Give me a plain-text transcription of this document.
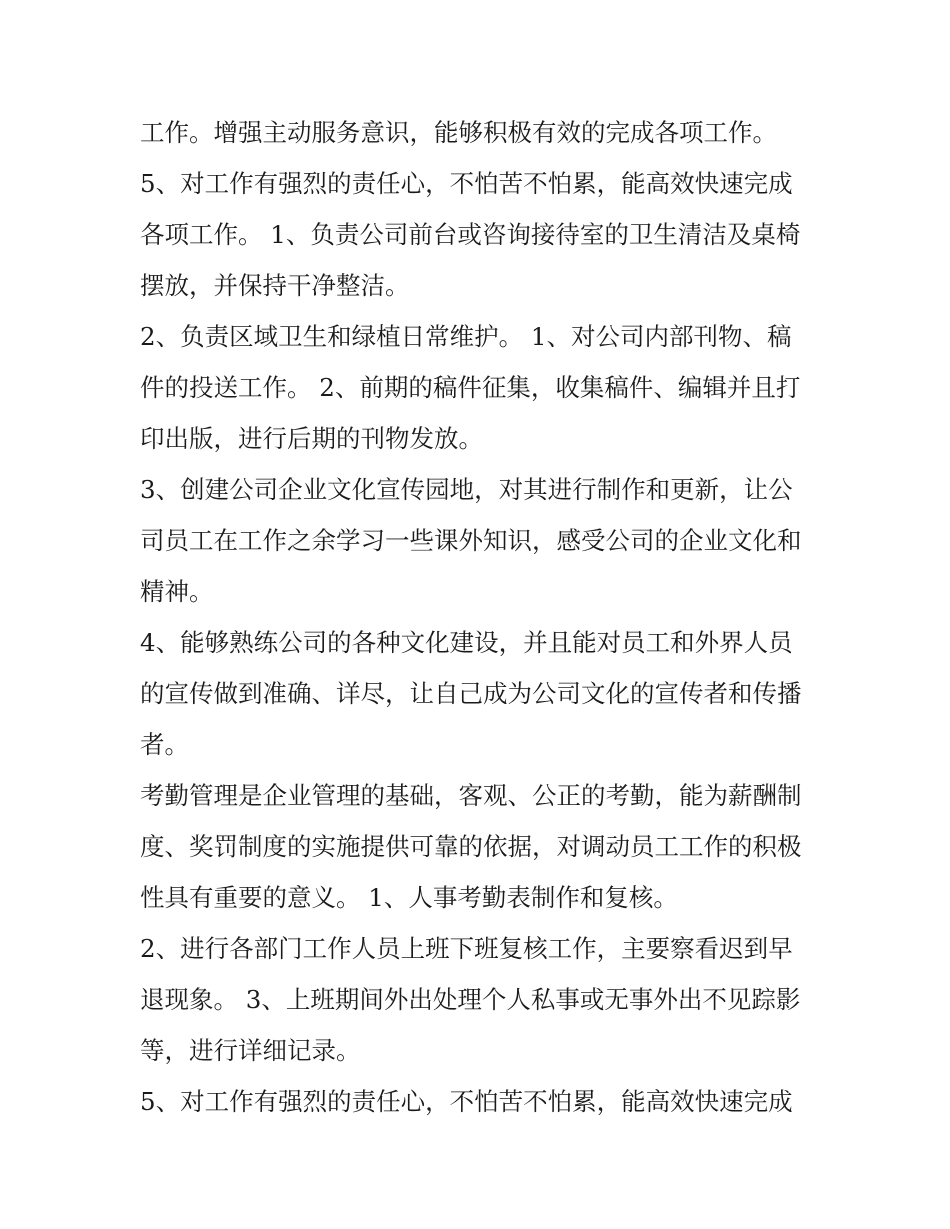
工作。增强主动服务意识，能够积极有效的完成各项工作。
5、对工作有强烈的责任心，不怕苦不怕累，能高效快速完成
各项工作。 1、负责公司前台或咨询接待室的卫生清洁及桌椅
摆放，并保持干净整洁。
2、负责区域卫生和绿植日常维护。 1、对公司内部刊物、稿
件的投送工作。 2、前期的稿件征集，收集稿件、编辑并且打
印出版，进行后期的刊物发放。
3、创建公司企业文化宣传园地，对其进行制作和更新，让公
司员工在工作之余学习一些课外知识，感受公司的企业文化和
精神。
4、能够熟练公司的各种文化建设，并且能对员工和外界人员
的宣传做到准确、详尽，让自己成为公司文化的宣传者和传播
者。
考勤管理是企业管理的基础，客观、公正的考勤，能为薪酬制
度、奖罚制度的实施提供可靠的依据，对调动员工工作的积极
性具有重要的意义。 1、人事考勤表制作和复核。
2、进行各部门工作人员上班下班复核工作，主要察看迟到早
退现象。 3、上班期间外出处理个人私事或无事外出不见踪影
等，进行详细记录。
5、对工作有强烈的责任心，不怕苦不怕累，能高效快速完成
